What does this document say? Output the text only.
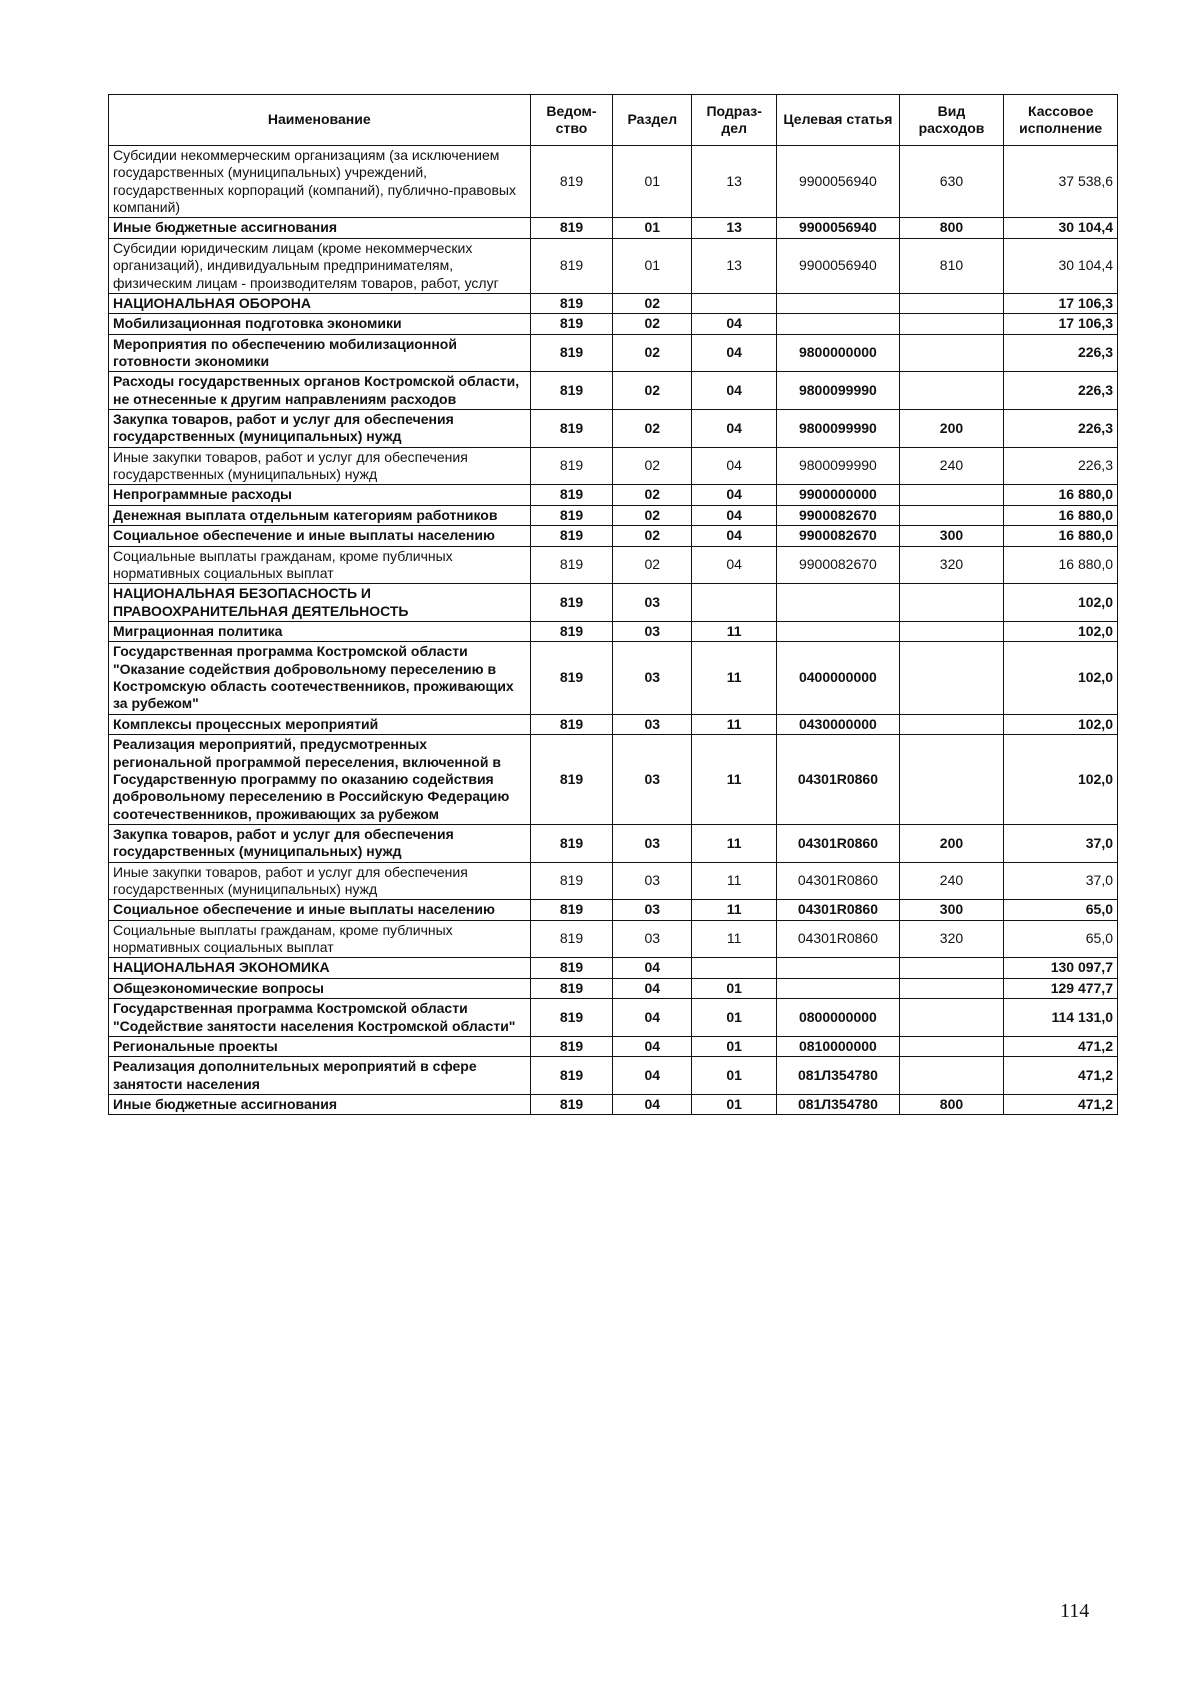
Наименование	Ведом-ство	Раздел	Подраз-дел	Целевая статья	Вид расходов	Кассовое исполнение
Субсидии некоммерческим организациям (за исключением государственных (муниципальных) учреждений, государственных корпораций (компаний), публично-правовых компаний)	819	01	13	9900056940	630	37 538,6
Иные бюджетные ассигнования	819	01	13	9900056940	800	30 104,4
Субсидии юридическим лицам (кроме некоммерческих организаций), индивидуальным предпринимателям, физическим лицам - производителям товаров, работ, услуг	819	01	13	9900056940	810	30 104,4
НАЦИОНАЛЬНАЯ ОБОРОНА	819	02				17 106,3
Мобилизационная подготовка экономики	819	02	04			17 106,3
Мероприятия по обеспечению мобилизационной готовности экономики	819	02	04	9800000000		226,3
Расходы государственных органов Костромской области, не отнесенные к другим направлениям расходов	819	02	04	9800099990		226,3
Закупка товаров, работ и услуг для обеспечения государственных (муниципальных) нужд	819	02	04	9800099990	200	226,3
Иные закупки товаров, работ и услуг для обеспечения государственных (муниципальных) нужд	819	02	04	9800099990	240	226,3
Непрограммные расходы	819	02	04	9900000000		16 880,0
Денежная выплата отдельным категориям работников	819	02	04	9900082670		16 880,0
Социальное обеспечение и иные выплаты населению	819	02	04	9900082670	300	16 880,0
Социальные выплаты гражданам, кроме публичных нормативных социальных выплат	819	02	04	9900082670	320	16 880,0
НАЦИОНАЛЬНАЯ БЕЗОПАСНОСТЬ И ПРАВООХРАНИТЕЛЬНАЯ ДЕЯТЕЛЬНОСТЬ	819	03				102,0
Миграционная политика	819	03	11			102,0
Государственная программа Костромской области "Оказание содействия добровольному переселению в Костромскую область соотечественников, проживающих за рубежом"	819	03	11	0400000000		102,0
Комплексы процессных мероприятий	819	03	11	0430000000		102,0
Реализация мероприятий, предусмотренных региональной программой переселения, включенной в Государственную программу по оказанию содействия добровольному переселению в Российскую Федерацию соотечественников, проживающих за рубежом	819	03	11	04301R0860		102,0
Закупка товаров, работ и услуг для обеспечения государственных (муниципальных) нужд	819	03	11	04301R0860	200	37,0
Иные закупки товаров, работ и услуг для обеспечения государственных (муниципальных) нужд	819	03	11	04301R0860	240	37,0
Социальное обеспечение и иные выплаты населению	819	03	11	04301R0860	300	65,0
Социальные выплаты гражданам, кроме публичных нормативных социальных выплат	819	03	11	04301R0860	320	65,0
НАЦИОНАЛЬНАЯ ЭКОНОМИКА	819	04				130 097,7
Общеэкономические вопросы	819	04	01			129 477,7
Государственная программа Костромской области "Содействие занятости населения Костромской области"	819	04	01	0800000000		114 131,0
Региональные проекты	819	04	01	0810000000		471,2
Реализация дополнительных мероприятий в сфере занятости населения	819	04	01	081Л354780		471,2
Иные бюджетные ассигнования	819	04	01	081Л354780	800	471,2
114
